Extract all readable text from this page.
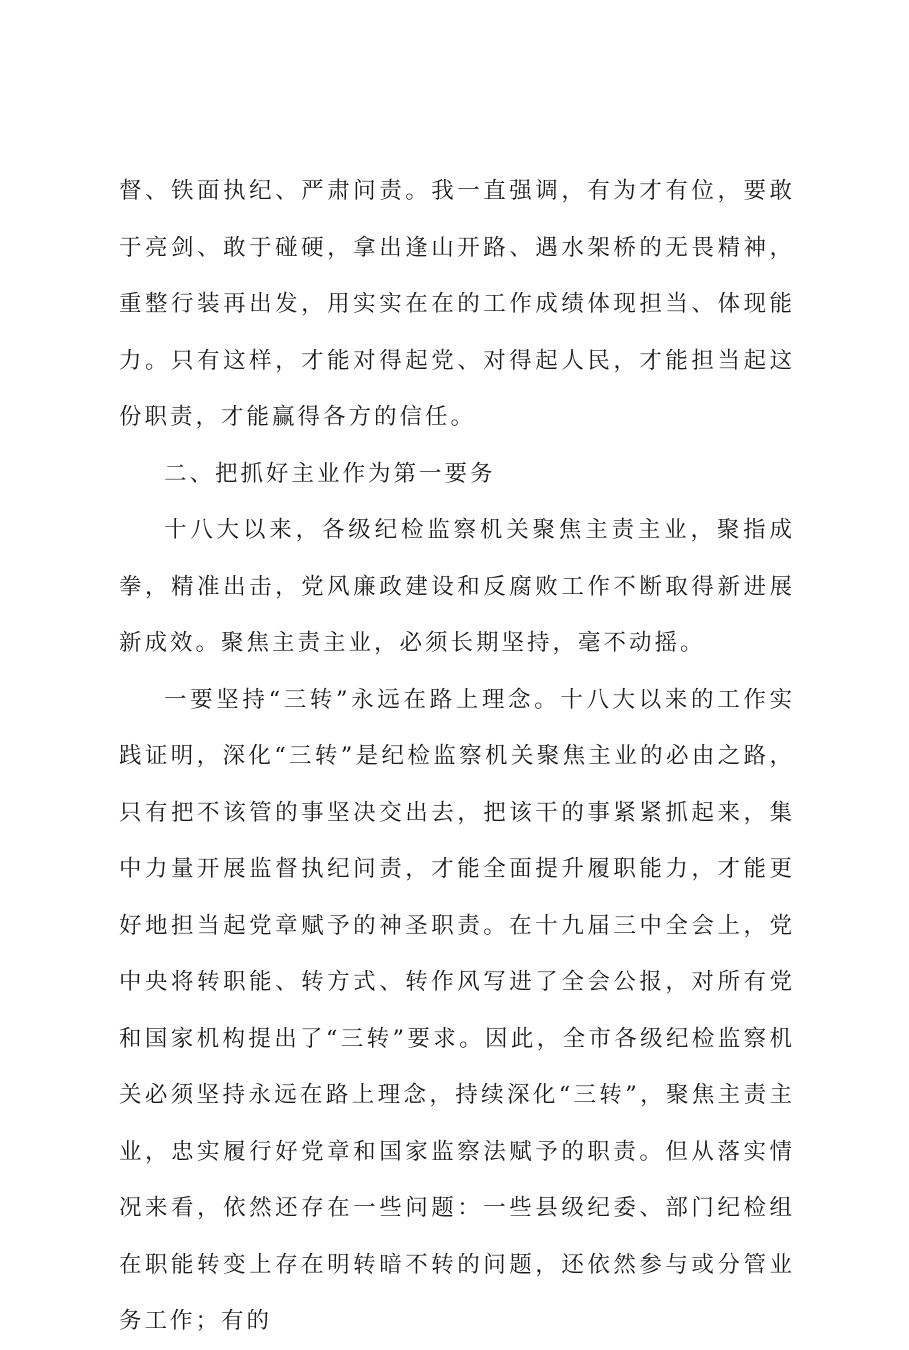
督、铁面执纪、严肃问责。我一直强调，有为才有位，要敢于亮剑、敢于碰硬，拿出逢山开路、遇水架桥的无畏精神，重整行装再出发，用实实在在的工作成绩体现担当、体现能力。只有这样，才能对得起党、对得起人民，才能担当起这份职责，才能赢得各方的信任。

二、把抓好主业作为第一要务

十八大以来，各级纪检监察机关聚焦主责主业，聚指成拳，精准出击，党风廉政建设和反腐败工作不断取得新进展新成效。聚焦主责主业，必须长期坚持，毫不动摇。

一要坚持“三转”永远在路上理念。十八大以来的工作实践证明，深化“三转”是纪检监察机关聚焦主业的必由之路，只有把不该管的事坚决交出去，把该干的事紧紧抓起来，集中力量开展监督执纪问责，才能全面提升履职能力，才能更好地担当起党章赋予的神圣职责。在十九届三中全会上，党中央将转职能、转方式、转作风写进了全会公报，对所有党和国家机构提出了“三转”要求。因此，全市各级纪检监察机关必须坚持永远在路上理念，持续深化“三转”，聚焦主责主业，忠实履行好党章和国家监察法赋予的职责。但从落实情况来看，依然还存在一些问题：一些县级纪委、部门纪检组在职能转变上存在明转暗不转的问题，还依然参与或分管业务工作；有的
